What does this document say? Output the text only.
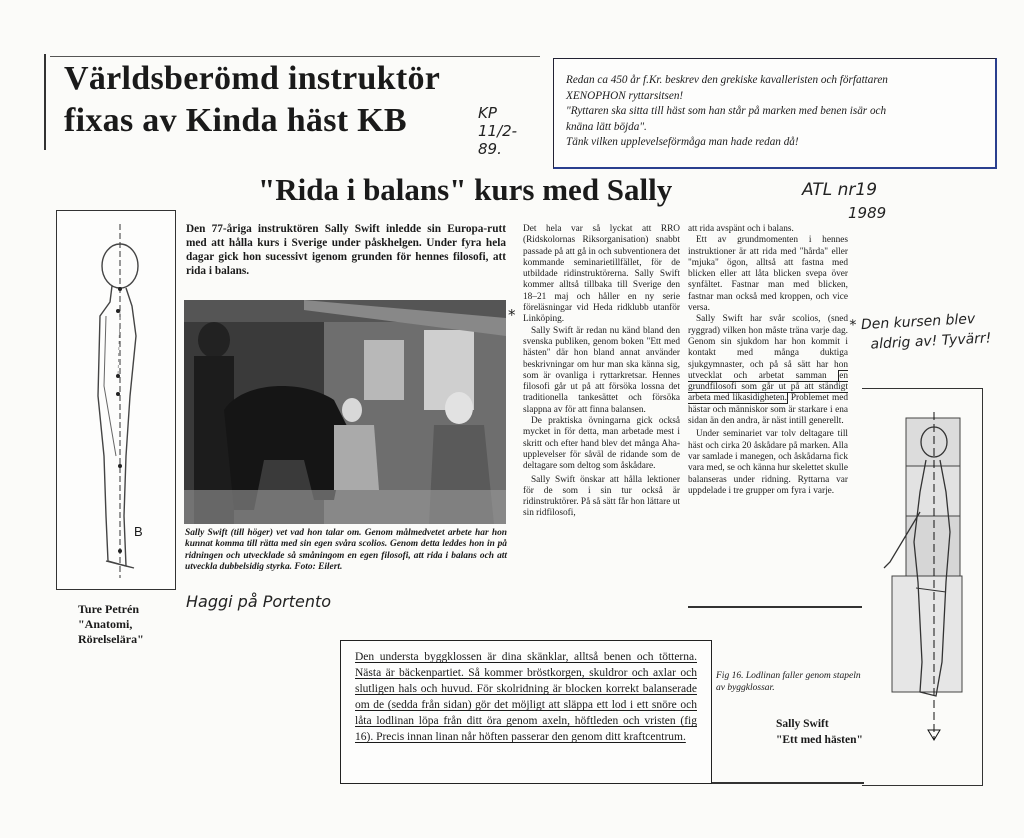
Världsberömd instruktör
fixas av Kinda häst KB	KP 11/2-89.
Redan ca 450 år f.Kr. beskrev den grekiske kavalleristen och författaren
XENOPHON ryttarsitsen!
"Ryttaren ska sitta till häst som han står på marken med benen isär och
knäna lätt böjda".
Tänk vilken upplevelseförmåga man hade redan då!
"Rida i balans" kurs med Sally	ATL nr19
1989
B
Ture Petrén
"Anatomi,
Rörelselära"
Den 77-åriga instruktören Sally Swift inledde sin Europa-rutt med att hålla kurs i Sverige under påskhelgen. Under fyra hela dagar gick hon sucessivt igenom grunden för hennes filosofi, att rida i balans.
Sally Swift (till höger) vet vad hon talar om. Genom målmedvetet arbete har hon kunnat komma till rätta med sin egen svåra scolios. Genom detta leddes hon in på ridningen och utvecklade så småningom en egen filosofi, att rida i balans och att utveckla dubbelsidig styrka. Foto: Eilert.
Haggi på Portento
Det hela var så lyckat att RRO (Ridskolornas Riksorganisation) snabbt passade på att gå in och subventionera det kommande seminarietillfället, för de utbildade ridinstruktörerna. Sally Swift kommer alltså tillbaka till Sverige den 18–21 maj och håller en ny serie föreläsningar vid Heda ridklubb utanför Linköping.
Sally Swift är redan nu känd bland den svenska publiken, genom boken "Ett med hästen" där hon bland annat använder beskrivningar om hur man ska känna sig, som är ovanliga i ryttarkretsar. Hennes filosofi går ut på att försöka lossna det traditionella tankesättet och försöka slappna av för att finna balansen.
De praktiska övningarna gick också mycket in för detta, man arbetade mest i skritt och efter hand blev det många Aha-upplevelser för såväl de ridande som de deltagare som deltog som åskådare.
Sally Swift önskar att hålla lektioner för de som i sin tur också är ridinstruktörer. På så sätt får hon lättare ut sin ridfilosofi,
*
att rida avspänt och i balans.
Ett av grundmomenten i hennes instruktioner är att rida med "hårda" eller "mjuka" ögon, alltså att fastna med blicken eller att låta blicken svepa över synfältet. Fastnar man med blicken, fastnar man också med kroppen, och vice versa.
Sally Swift har svår scolios, (sned ryggrad) vilken hon måste träna varje dag. Genom sin sjukdom har hon kommit i kontakt med många duktiga sjukgymnaster, och på så sätt har hon utvecklat och arbetat samman en grundfilosofi som går ut på att ständigt arbeta med likasidigheten. Problemet med hästar och människor som är starkare i ena sidan än den andra, är näst intill generellt.
Under seminariet var tolv deltagare till häst och cirka 20 åskådare på marken. Alla var samlade i manegen, och åskådarna fick vara med, se och känna hur skelettet skulle balanseras under ridning. Ryttarna var uppdelade i tre grupper om fyra i varje.
* Den kursen blev
aldrig av! Tyvärr!
Den understa byggklossen är dina skänklar, alltså benen och tötterna. Nästa är bäckenpartiet. Så kommer bröstkorgen, skuldror och axlar och slutligen hals och huvud. För skolridning är blocken korrekt balanserade om de (sedda från sidan) gör det möjligt att släppa ett lod i ett snöre och låta lodlinan löpa från ditt öra genom axeln, höftleden och vristen (fig 16). Precis innan linan når höften passerar den genom ditt kraftcentrum.
Fig 16. Lodlinan faller genom stapeln av byggklossar.
Sally Swift
"Ett med hästen"
